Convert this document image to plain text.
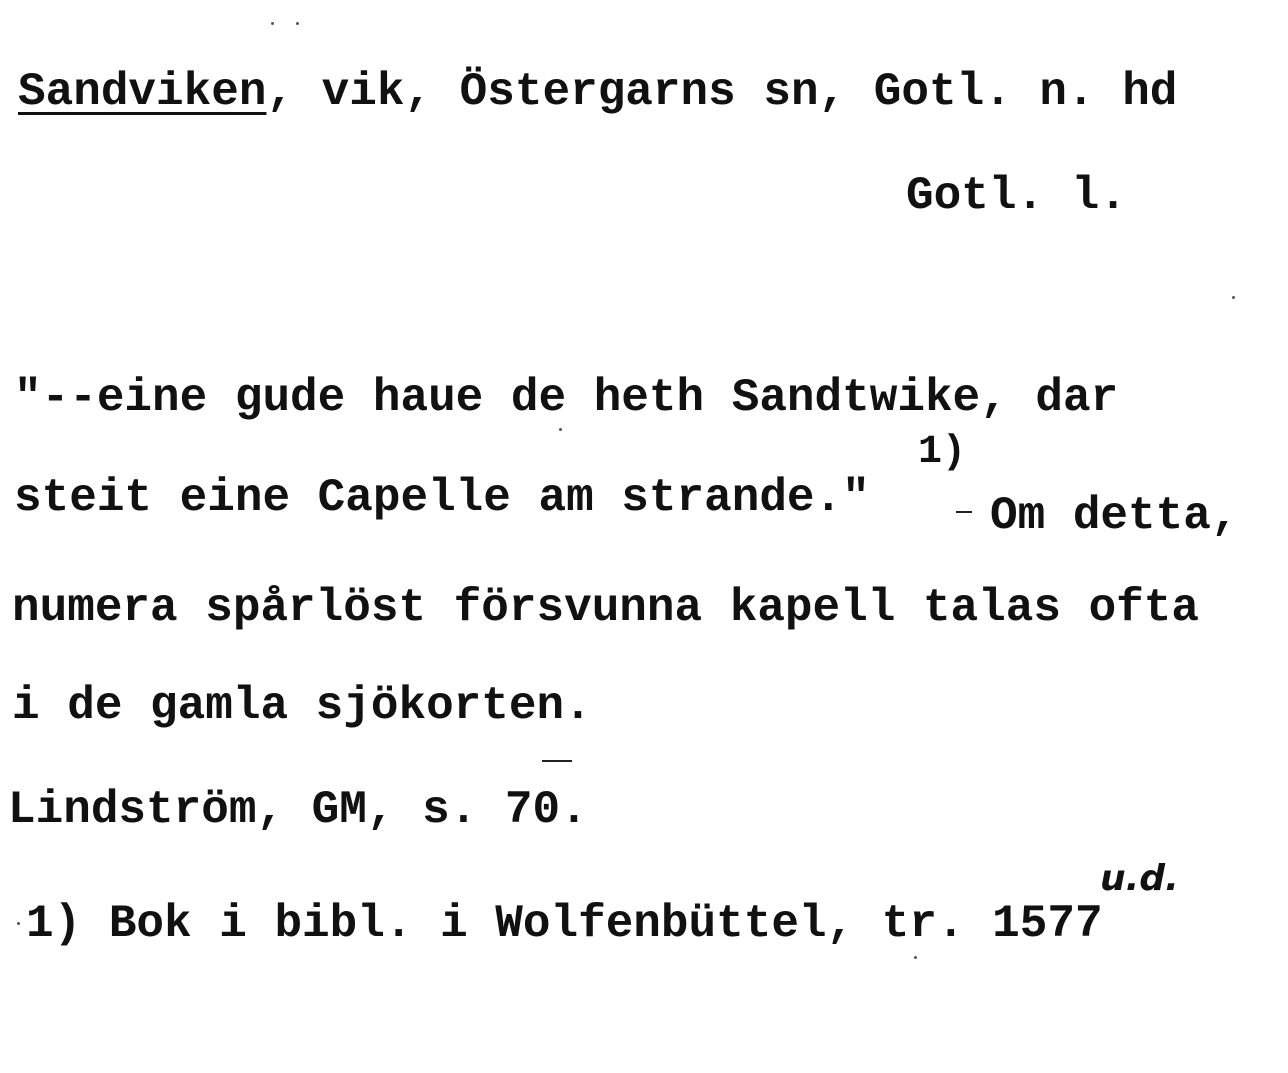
Sandviken, vik, Östergarns sn, Gotl. n. hd
Gotl. l.
"--eine gude haue de heth Sandtwike, dar
1)
steit eine Capelle am strande."	Om detta,
numera spårlöst försvunna kapell talas ofta
i de gamla sjökorten.
Lindström, GM, s. 70.
u.d.
1) Bok i bibl. i Wolfenbüttel, tr. 1577
